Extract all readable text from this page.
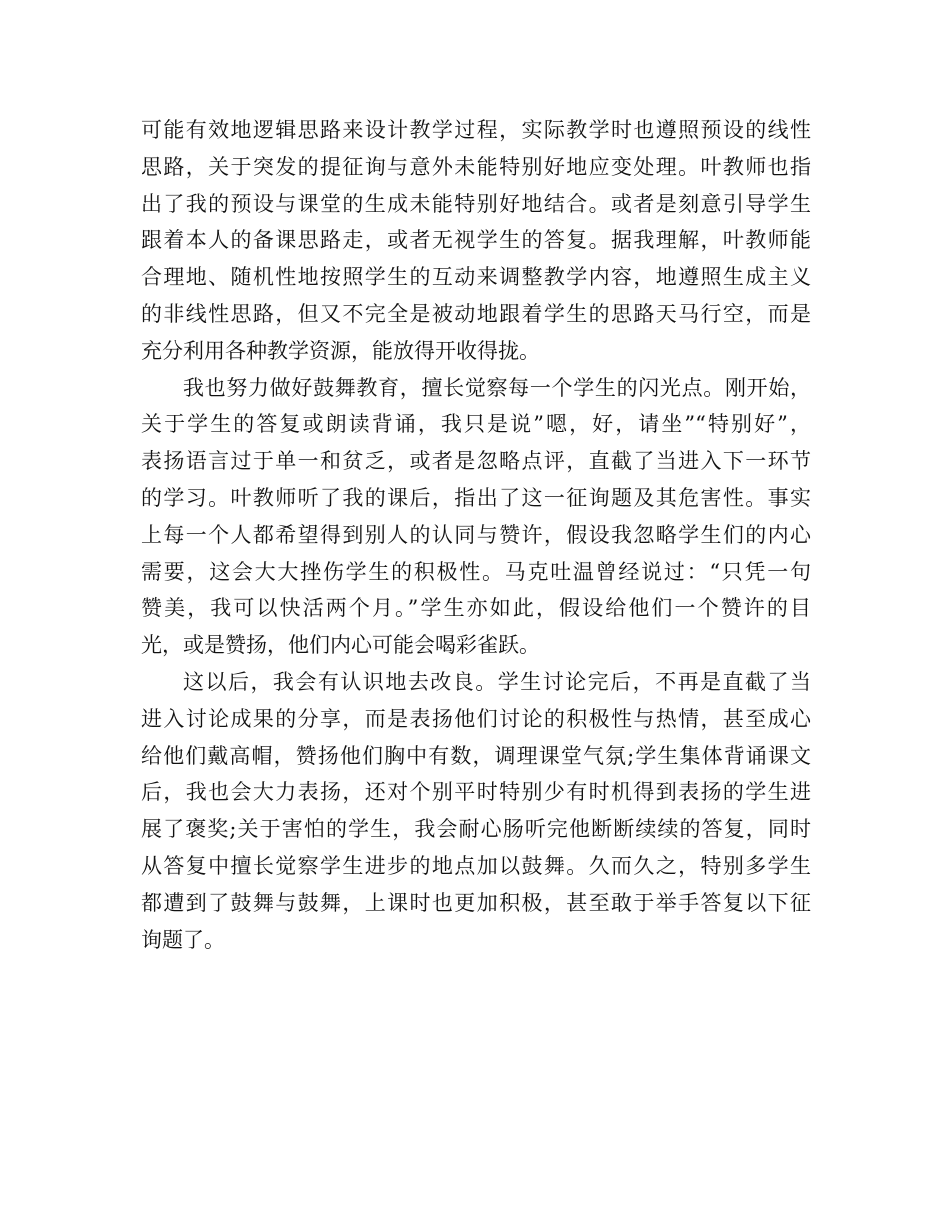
可能有效地逻辑思路来设计教学过程，实际教学时也遵照预设的线性
思路，关于突发的提征询与意外未能特别好地应变处理。叶教师也指
出了我的预设与课堂的生成未能特别好地结合。或者是刻意引导学生
跟着本人的备课思路走，或者无视学生的答复。据我理解，叶教师能
合理地、随机性地按照学生的互动来调整教学内容，地遵照生成主义
的非线性思路，但又不完全是被动地跟着学生的思路天马行空，而是
充分利用各种教学资源，能放得开收得拢。
我也努力做好鼓舞教育，擅长觉察每一个学生的闪光点。刚开始，
关于学生的答复或朗读背诵，我只是说”嗯，好，请坐”“特别好”，
表扬语言过于单一和贫乏，或者是忽略点评，直截了当进入下一环节
的学习。叶教师听了我的课后，指出了这一征询题及其危害性。事实
上每一个人都希望得到别人的认同与赞许，假设我忽略学生们的内心
需要，这会大大挫伤学生的积极性。马克吐温曾经说过：“只凭一句
赞美，我可以快活两个月。”学生亦如此，假设给他们一个赞许的目
光，或是赞扬，他们内心可能会喝彩雀跃。
这以后，我会有认识地去改良。学生讨论完后，不再是直截了当
进入讨论成果的分享，而是表扬他们讨论的积极性与热情，甚至成心
给他们戴高帽，赞扬他们胸中有数，调理课堂气氛;学生集体背诵课文
后，我也会大力表扬，还对个别平时特别少有时机得到表扬的学生进
展了褒奖;关于害怕的学生，我会耐心肠听完他断断续续的答复，同时
从答复中擅长觉察学生进步的地点加以鼓舞。久而久之，特别多学生
都遭到了鼓舞与鼓舞，上课时也更加积极，甚至敢于举手答复以下征
询题了。
